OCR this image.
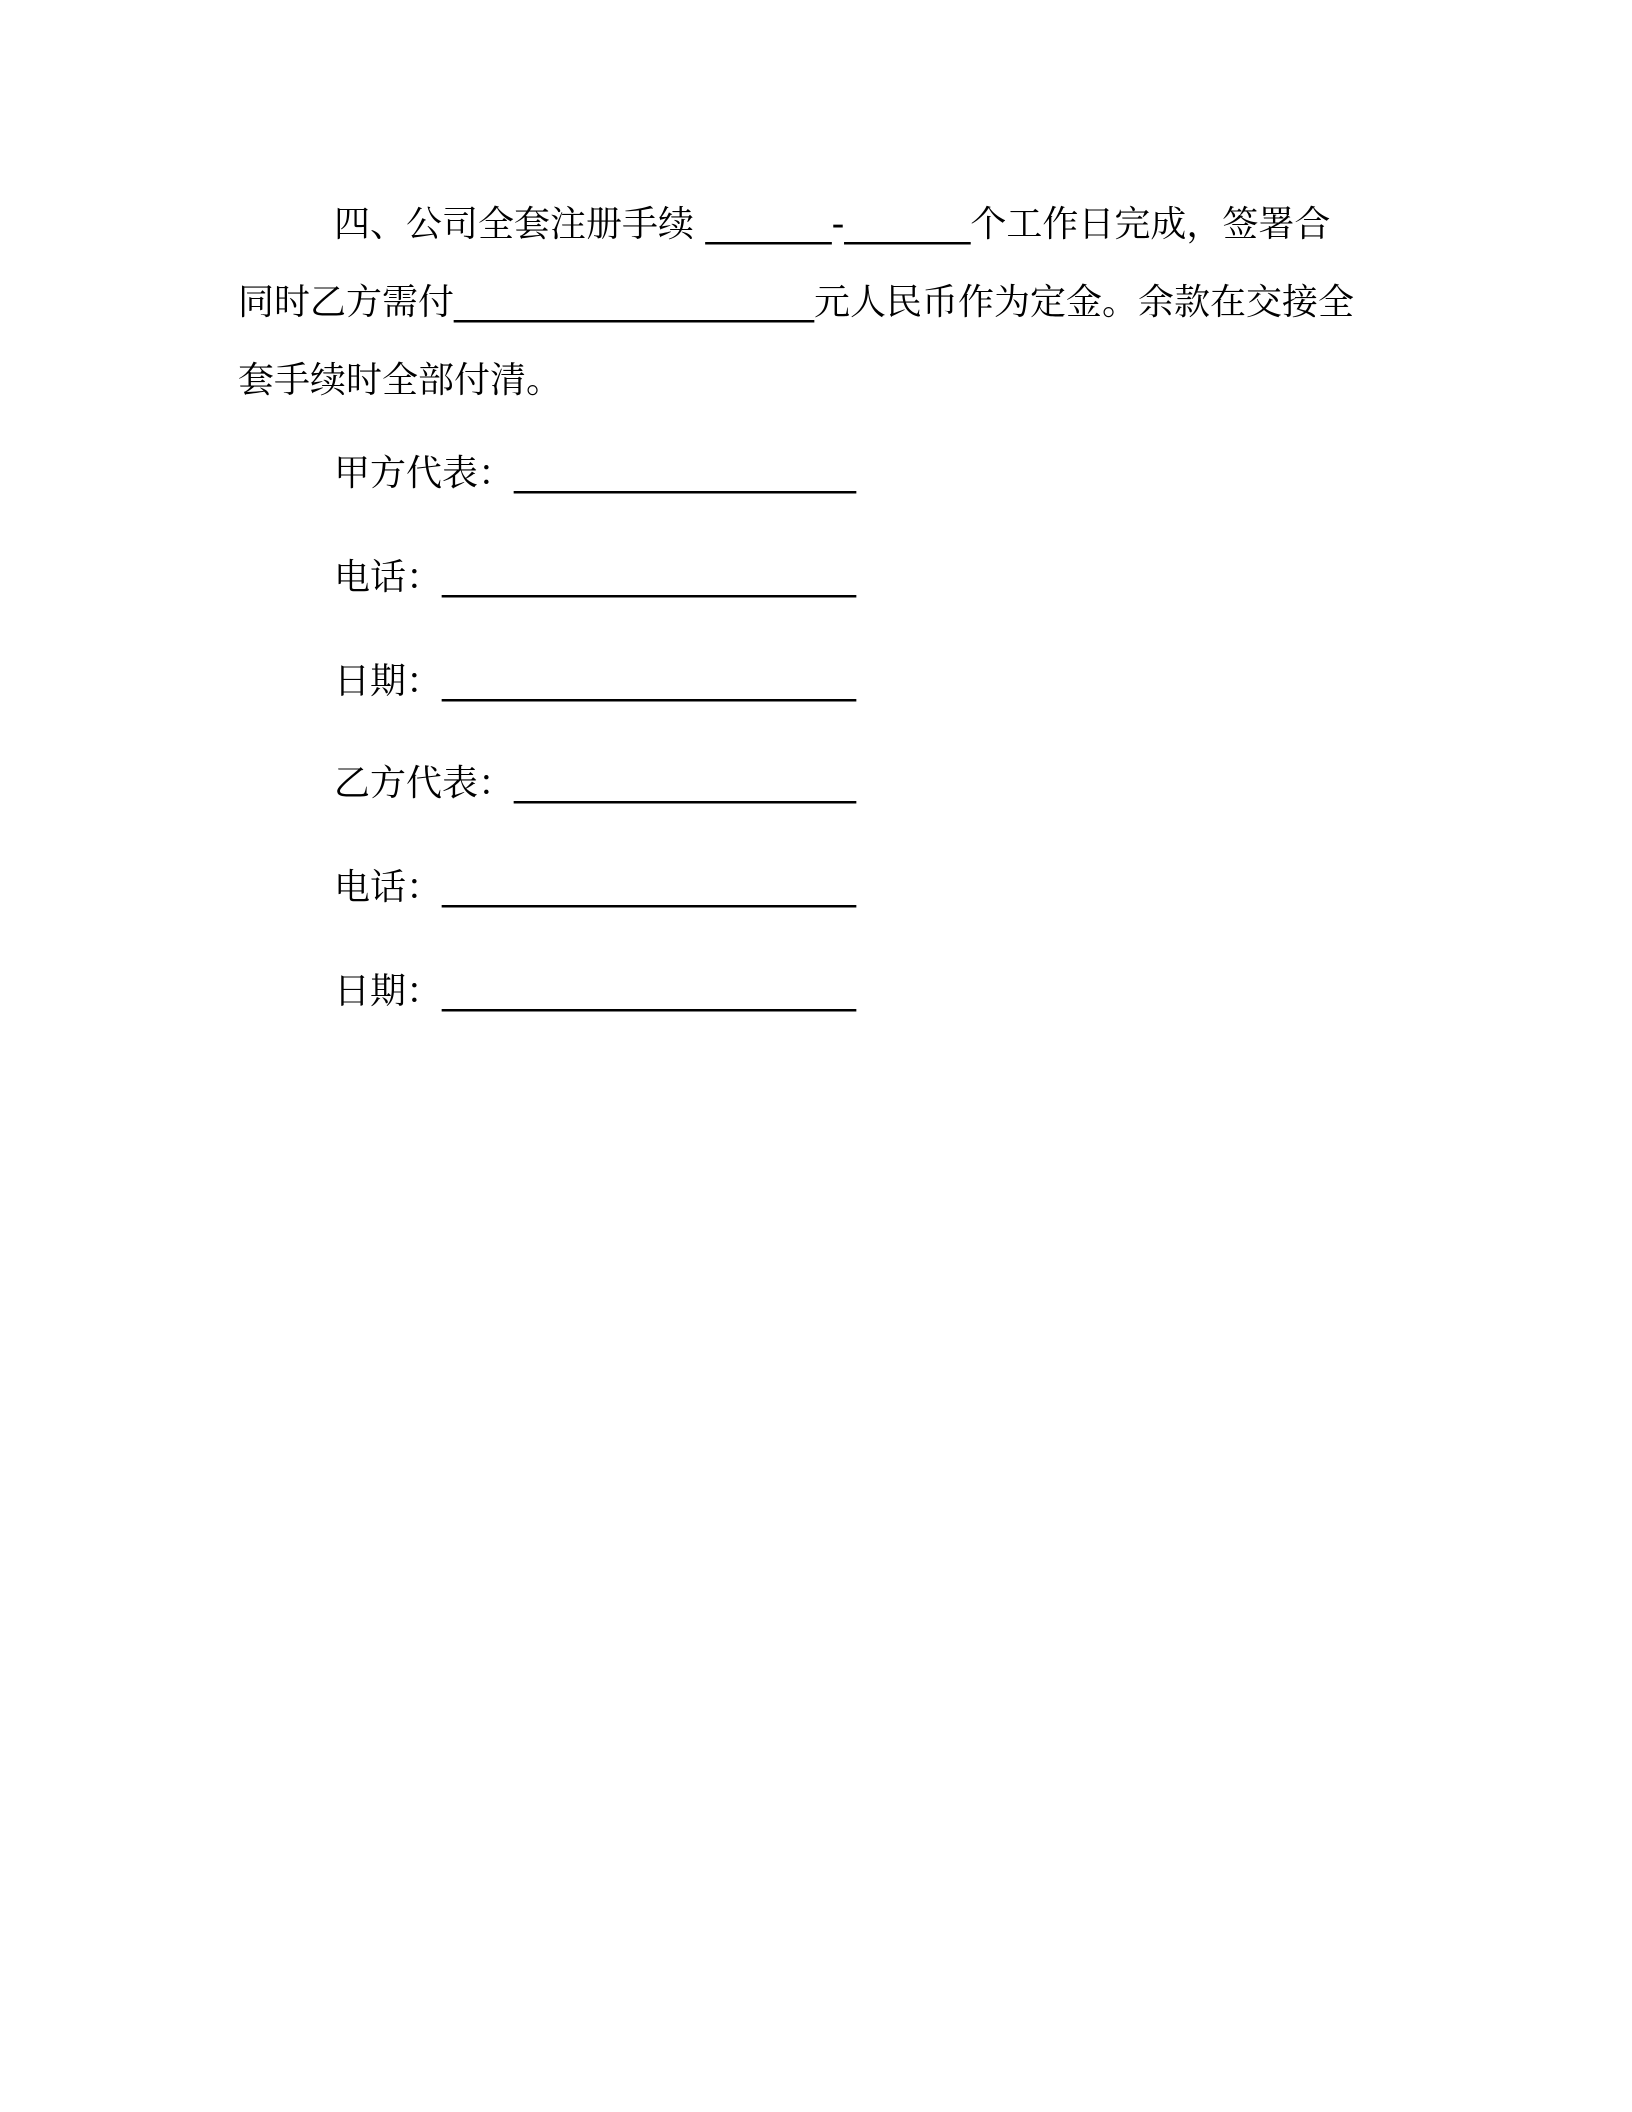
四、公司全套注册手续 _______-_______个工作日完成，签署合同时乙方需付____________________元人民币作为定金。余款在交接全套手续时全部付清。

甲方代表：___________________
电话：_______________________
日期：_______________________
乙方代表：___________________
电话：_______________________
日期：_______________________
